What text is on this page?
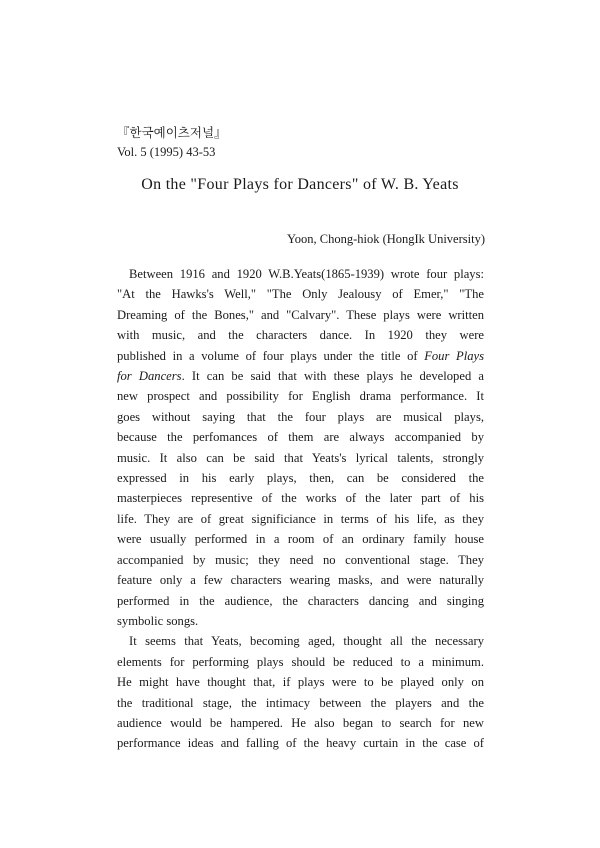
『한국예이츠저널』
Vol. 5 (1995) 43-53
On the "Four Plays for Dancers" of W. B. Yeats
Yoon, Chong-hiok (HongIk University)

Between 1916 and 1920 W.B.Yeats(1865-1939) wrote four plays:
"At the Hawks's Well," "The Only Jealousy of Emer," "The
Dreaming of the Bones," and "Calvary". These plays were written
with music, and the characters dance. In 1920 they were
published in a volume of four plays under the title of Four Plays
for Dancers. It can be said that with these plays he developed a
new prospect and possibility for English drama performance. It
goes without saying that the four plays are musical plays,
because the perfomances of them are always accompanied by
music. It also can be said that Yeats's lyrical talents, strongly
expressed in his early plays, then, can be considered the
masterpieces representive of the works of the later part of his
life. They are of great significiance in terms of his life, as they
were usually performed in a room of an ordinary family house
accompanied by music; they need no conventional stage. They
feature only a few characters wearing masks, and were naturally
performed in the audience, the characters dancing and singing
symbolic songs.

It seems that Yeats, becoming aged, thought all the necessary
elements for performing plays should be reduced to a minimum.
He might have thought that, if plays were to be played only on
the traditional stage, the intimacy between the players and the
audience would be hampered. He also began to search for new
performance ideas and falling of the heavy curtain in the case of
